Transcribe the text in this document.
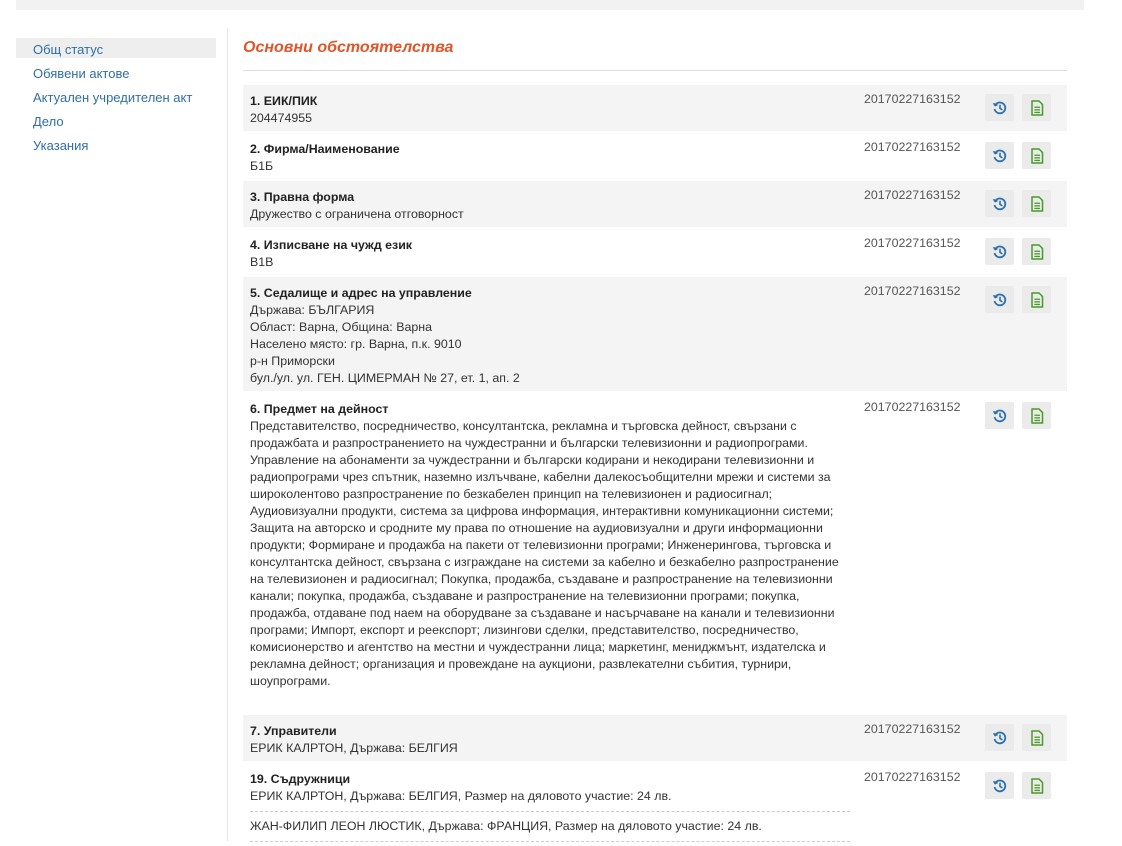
Общ статус
Обявени актове
Актуален учредителен акт
Дело
Указания
Основни обстоятелства
1. ЕИК/ПИК
204474955
20170227163152
2. Фирма/Наименование
Б1Б
20170227163152
3. Правна форма
Дружество с ограничена отговорност
20170227163152
4. Изписване на чужд език
B1B
20170227163152
5. Седалище и адрес на управление
Държава: БЪЛГАРИЯ
Област: Варна, Община: Варна
Населено място: гр. Варна, п.к. 9010
р-н Приморски
бул./ул. ул. ГЕН. ЦИМЕРМАН № 27, ет. 1, ап. 2
20170227163152
6. Предмет на дейност
Представителство, посредничество, консултантска, рекламна и търговска дейност, свързани с продажбата и разпространението на чуждестранни и български телевизионни и радиопрограми. Управление на абонаменти за чуждестранни и български кодирани и некодирани телевизионни и радиопрограми чрез спътник, наземно излъчване, кабелни далекосъобщителни мрежи и системи за широколентово разпространение по безкабелен принцип на телевизионен и радиосигнал; Аудиовизуални продукти, система за цифрова информация, интерактивни комуникационни системи; Защита на авторско и сродните му права по отношение на аудиовизуални и други информационни продукти; Формиране и продажба на пакети от телевизионни програми; Инженерингова, търговска и консултантска дейност, свързана с изграждане на системи за кабелно и безкабелно разпространение на телевизионен и радиосигнал; Покупка, продажба, създаване и разпространение на телевизионни канали; покупка, продажба, създаване и разпространение на телевизионни програми; покупка, продажба, отдаване под наем на оборудване за създаване и насърчаване на канали и телевизионни програми; Импорт, експорт и реекспорт; лизингови сделки, представителство, посредничество, комисионерство и агентство на местни и чуждестранни лица; маркетинг, мениджмънт, издателска и рекламна дейност; организация и провеждане на аукциони, развлекателни събития, турнири, шоупрограми.
20170227163152
7. Управители
ЕРИК КАЛРТОН, Държава: БЕЛГИЯ
20170227163152
19. Съдружници
ЕРИК КАЛРТОН, Държава: БЕЛГИЯ, Размер на дяловото участие: 24 лв.
ЖАН-ФИЛИП ЛЕОН ЛЮСТИК, Държава: ФРАНЦИЯ, Размер на дяловото участие: 24 лв.
20170227163152
